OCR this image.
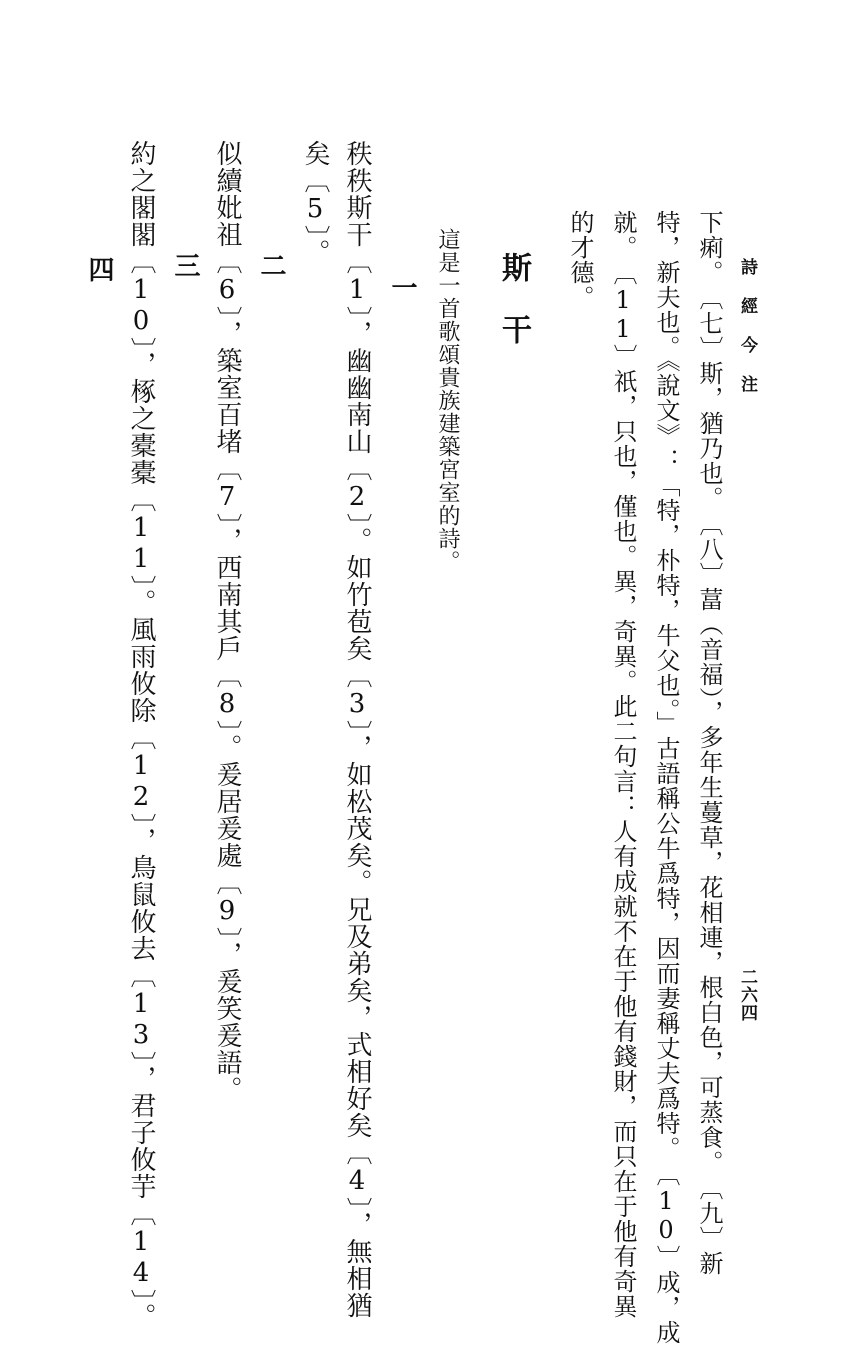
詩 經 今 注
二六四
下痢。　〔七〕斯，猶乃也。　〔八〕葍（音福），多年生蔓草，花相連，根白色，可蒸食。　〔九〕新
特，新夫也。《說文》：「特，朴特，牛父也。」古語稱公牛爲特，因而妻稱丈夫爲特。　〔10〕成，成
就。　〔11〕祇，只也，僅也。異，奇異。此二句言：人有成就不在于他有錢財，而只在于他有奇異
的才德。
斯　干
這是一首歌頌貴族建築宮室的詩。
一
秩秩斯干〔1〕，幽幽南山〔2〕。如竹苞矣〔3〕，如松茂矣。兄及弟矣，式相好矣〔4〕，無相猶
矣〔5〕。
二
似續妣祖〔6〕，築室百堵〔7〕，西南其戶〔8〕。爰居爰處〔9〕，爰笑爰語。
三
約之閣閣〔10〕，椓之橐橐〔11〕。風雨攸除〔12〕，鳥鼠攸去〔13〕，君子攸芋〔14〕。
四
